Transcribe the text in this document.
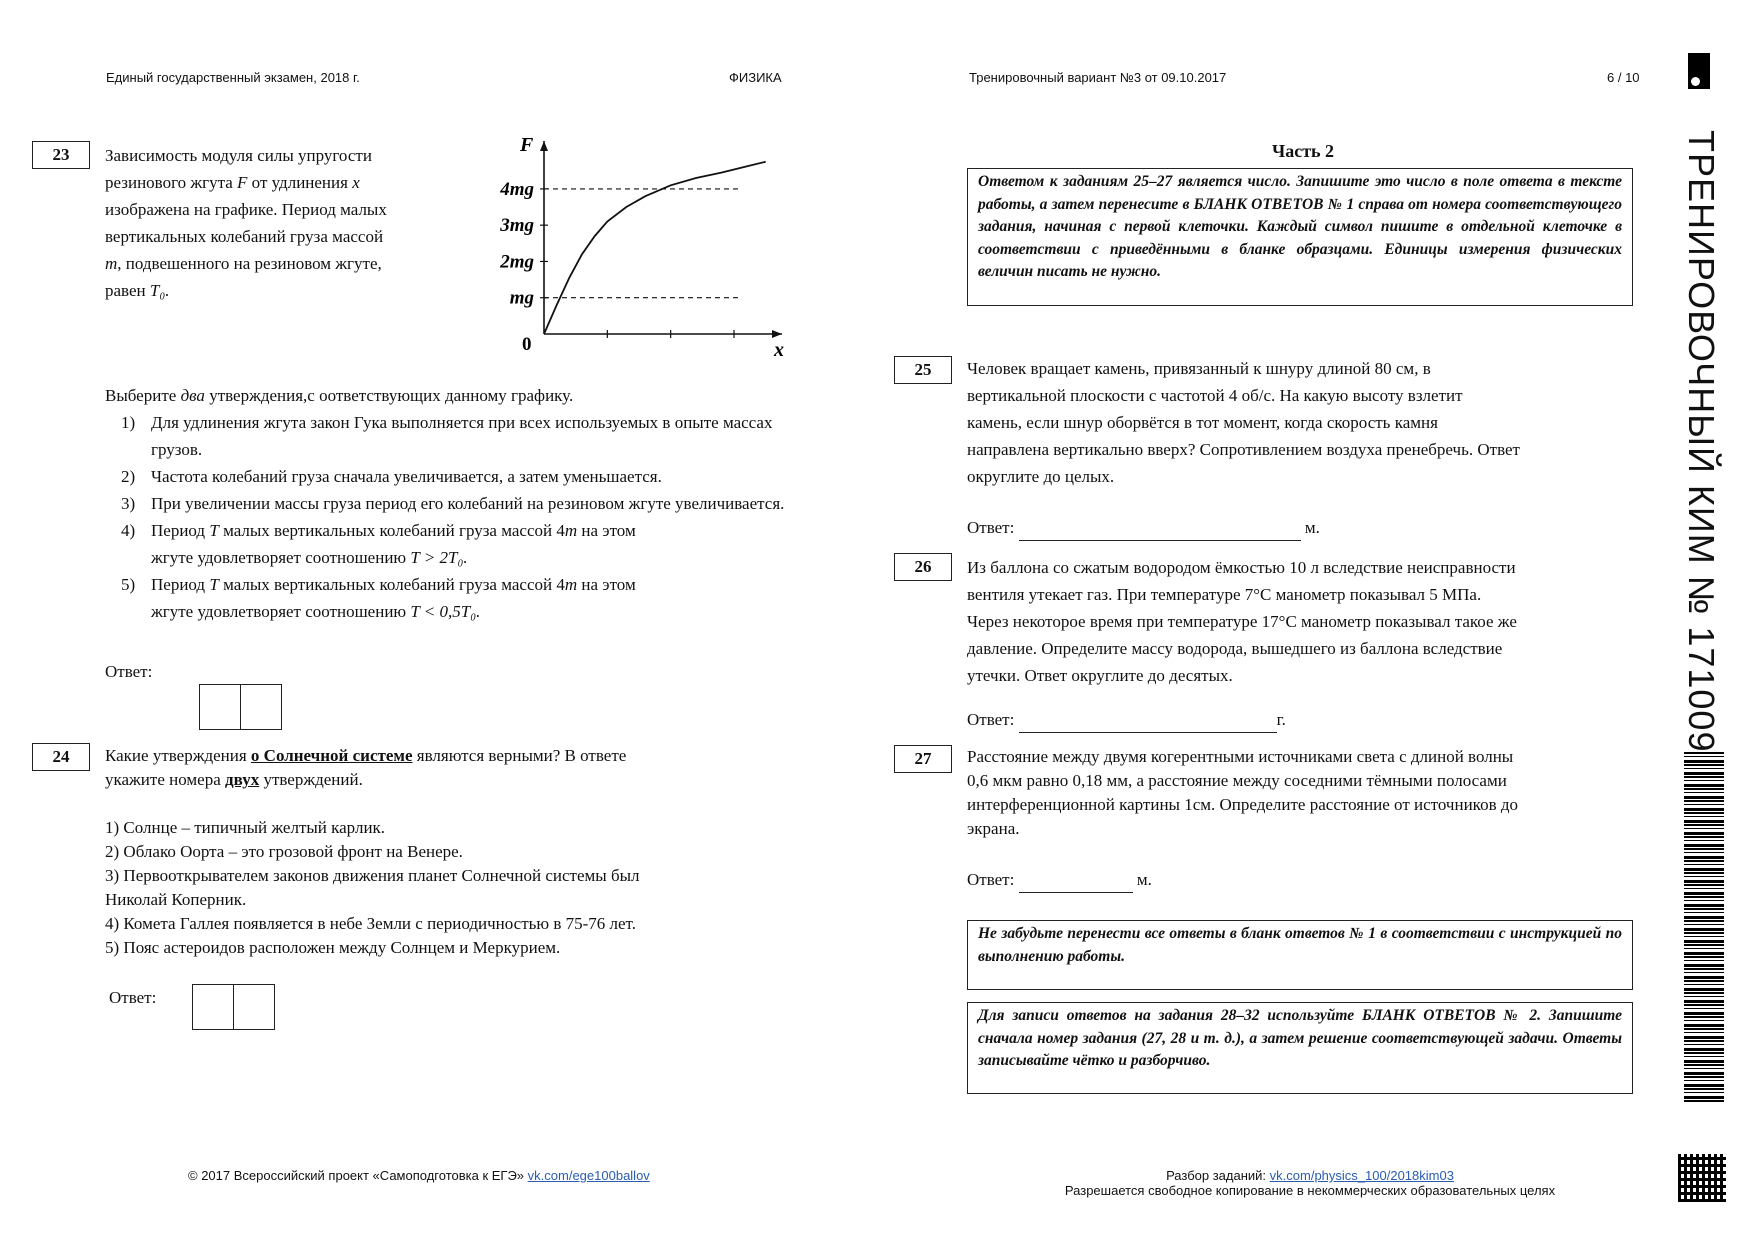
Единый государственный экзамен, 2018 г.	ФИЗИКА	Тренировочный вариант №3 от 09.10.2017	6 / 10
ТРЕНИРОВОЧНЫЙ КИМ № 171009
23	Зависимость модуля силы упругости
резинового жгута F от удлинения x
изображена на графике. Период малых
вертикальных колебаний груза массой
m, подвешенного на резиновом жгуте,
равен T₀.	mg
2mg
3mg
4mg
F
x
0
Выберите два утверждения,с оответствующих данному графику.
1) Для удлинения жгута закон Гука выполняется при всех используемых в опыте массах грузов.
2) Частота колебаний груза сначала увеличивается, а затем уменьшается.
3) При увеличении массы груза период его колебаний на резиновом жгуте увеличивается.
4) Период T малых вертикальных колебаний груза массой 4m на этом
жгуте удовлетворяет соотношению T > 2T₀.
5) Период T малых вертикальных колебаний груза массой 4m на этом
жгуте удовлетворяет соотношению T < 0,5T₀.
Ответ:
24	Какие утверждения о Солнечной системе являются верными? В ответе
укажите номера двух утверждений.
1) Солнце – типичный желтый карлик.
2) Облако Оорта – это грозовой фронт на Венере.
3) Первооткрывателем законов движения планет Солнечной системы был
Николай Коперник.
4) Комета Галлея появляется в небе Земли с периодичностью в 75-76 лет.
5) Пояс астероидов расположен между Солнцем и Меркурием.
Ответ:
Часть 2
Ответом к заданиям 25–27 является число. Запишите это число в поле ответа в тексте работы, а затем перенесите в БЛАНК ОТВЕТОВ № 1 справа от номера соответствующего задания, начиная с первой клеточки. Каждый символ пишите в отдельной клеточке в соответствии с приведёнными в бланке образцами. Единицы измерения физических величин писать не нужно.
25	Человек вращает камень, привязанный к шнуру длиной 80 см, в
вертикальной плоскости с частотой 4 об/с. На какую высоту взлетит
камень, если шнур оборвётся в тот момент, когда скорость камня
направлена вертикально вверх? Сопротивлением воздуха пренебречь. Ответ
округлите до целых.
Ответ:	м.
26	Из баллона со сжатым водородом ёмкостью 10 л вследствие неисправности
вентиля утекает газ. При температуре 7°С манометр показывал 5 МПа.
Через некоторое время при температуре 17°С манометр показывал такое же
давление. Определите массу водорода, вышедшего из баллона вследствие
утечки. Ответ округлите до десятых.
Ответ:	г.
27	Расстояние между двумя когерентными источниками света с длиной волны
0,6 мкм равно 0,18 мм, а расстояние между соседними тёмными полосами
интерференционной картины 1см. Определите расстояние от источников до
экрана.
Ответ:	м.
Не забудьте перенести все ответы в бланк ответов № 1 в соответствии с инструкцией по выполнению работы.
Для записи ответов на задания 28–32 используйте БЛАНК ОТВЕТОВ № 2. Запишите сначала номер задания (27, 28 и т. д.), а затем решение соответствующей задачи. Ответы записывайте чётко и разборчиво.
© 2017 Всероссийский проект «Самоподготовка к ЕГЭ» vk.com/ege100ballov	Разбор заданий: vk.com/physics_100/2018kim03
Разрешается свободное копирование в некоммерческих образовательных целях
